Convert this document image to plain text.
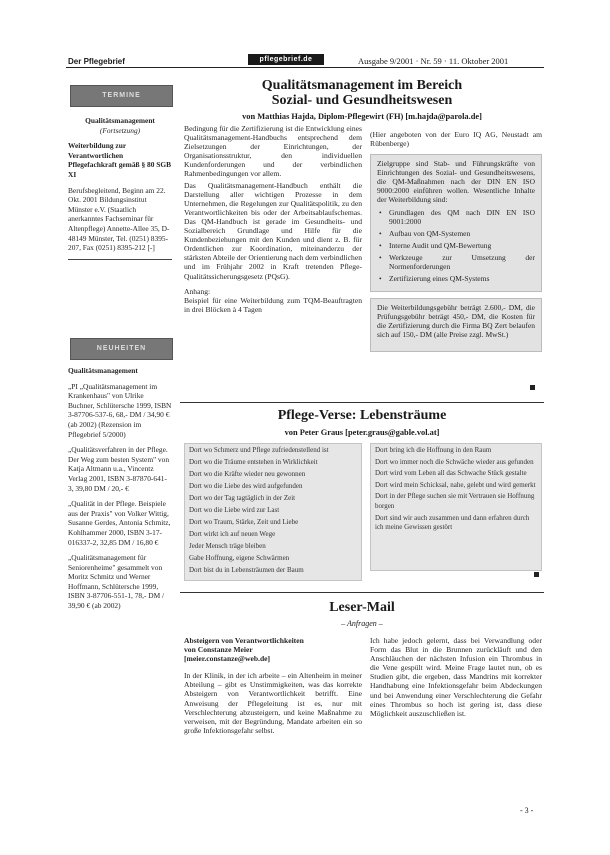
Der Pflegebrief	pflegebrief.de	Ausgabe 9/2001 · Nr. 59 · 11. Oktober 2001
TERMINE

Qualitätsmanagement

(Fortsetzung)

Weiterbildung zur Verantwortlichen Pflegefachkraft gemäß § 80 SGB XI

Berufsbegleitend, Beginn am 22. Okt. 2001 Bildungsinstitut Münster e.V. (Staatlich anerkanntes Fachseminar für Altenpflege) Annette-Allee 35, D-48149 Münster, Tel. (0251) 8395-207, Fax (0251) 8395-212 [-]

NEUHEITEN

Qualitätsmanagement

„PI „Qualitätsmanagement im Krankenhaus" von Ulrike Buchner, Schlütersche 1999, ISBN 3-87706-537-6, 68,- DM / 34,90 € (ab 2002) (Rezension im Pflegebrief 5/2000)

„Qualitätsverfahren in der Pflege. Der Weg zum besten System" von Katja Altmann u.a., Vincentz Verlag 2001, ISBN 3-87870-641-3, 39,80 DM / 20,- €

„Qualität in der Pflege. Beispiele aus der Praxis" von Volker Wittig, Susanne Gerdes, Antonia Schmitz, Kohlhammer 2000, ISBN 3-17-016337-2, 32,85 DM / 16,80 €

„Qualitätsmanagement für Seniorenheime" gesammelt von Moritz Schmitz und Werner Hoffmann, Schlütersche 1999, ISBN 3-87706-551-1, 78,- DM / 39,90 € (ab 2002)

Qualitätsmanagement im Bereich
Sozial- und Gesundheitswesen
von Matthias Hajda, Diplom-Pflegewirt (FH) [m.hajda@parola.de]

Bedingung für die Zertifizierung ist die Entwicklung eines Qualitätsmanagement-Handbuchs entsprechend dem Zielsetzungen der Einrichtungen, der Organisationsstruktur, den individuellen Kundenforderungen und der verbindlichen Rahmenbedingungen vor allem.

Das Qualitätsmanagement-Handbuch enthält die Darstellung aller wichtigen Prozesse in dem Unternehmen, die Regelungen zur Qualitätspolitik, zu den Verantwortlichkeiten bis oder der Arbeitsablaufschemas. Das QM-Handbuch ist gerade im Gesundheits- und Sozialbereich Grundlage und Hilfe für die Kundenbeziehungen mit den Kunden und dient z. B. für Ordentlichen zur Koordination, miteinanderzu der stärksten Abteile der Orientierung nach dem verbindlichen und im Frühjahr 2002 in Kraft tretenden Pflege-Qualitätssicherungsgesetz (PQsG).

Anhang:

Beispiel für eine Weiterbildung zum TQM-Beauftragten in drei Blöcken à 4 Tagen

(Hier angeboten von der Euro IQ AG, Neustadt am Rübenberge)

Zielgruppe sind Stab- und Führungskräfte von Einrichtungen des Sozial- und Gesundheitswesens, die QM-Maßnahmen nach der DIN EN ISO 9000:2000 einführen wollen. Wesentliche Inhalte der Weiterbildung sind:

• Grundlagen des QM nach DIN EN ISO 9001:2000
• Aufbau von QM-Systemen
• Interne Audit und QM-Bewertung
• Werkzeuge zur Umsetzung der Normenforderungen
• Zertifizierung eines QM-Systems

Die Weiterbildungsgebühr beträgt 2.600,- DM, die Prüfungsgebühr beträgt 450,- DM, die Kosten für die Zertifizierung durch die Firma BQ Zert belaufen sich auf 150,- DM (alle Preise zzgl. MwSt.)

Pflege-Verse: Lebensträume
von Peter Graus [peter.graus@gable.vol.at]
Dort wo Schmerz und Pflege zufriedenstellend ist
Dort wo die Träume entstehen in Wirklichkeit
Dort wo die Kräfte wieder neu gewonnen
Dort wo die Liebe des wird aufgefunden
Dort wo der Tag tagtäglich in der Zeit
Dort wo die Liebe wird zur Last
Dort wo Traum, Stärke, Zeit und Liebe
Dort wirkt ich auf neuen Wege
Jeder Mensch träge bleiben
Gabe Hoffnung, eigene Schwärmen
Dort bist du in Lebensträumen der Baum
Dort bring ich die Hoffnung in den Raum
Dort wo immer noch die Schwäche wieder aus gefunden
Dort wird vom Leben all das Schwache Stück gestalte
Dort wird mein Schicksal, nahe, gelebt und wird gemerkt
Dort in der Pflege suchen sie mit Vertrauen sie Hoffnung borgen
Dort sind wir auch zusammen und dann erfahren durch ich meine Gewissen gestört
Leser-Mail
– Anfragen –

Absteigern von Verantwortlichkeiten

von Constanze Meier

[meier.constanze@web.de]

In der Klinik, in der ich arbeite – ein Altenheim in meiner Abteilung – gibt es Unstimmigkeiten, was das korrekte Absteigern von Verantwortlichkeit betrifft. Eine Anweisung der Pflegeleitung ist es, nur mit Verschlechterung abzusteigern, und keine Maßnahme zu verweisen, mit der Begründung, Mandate arbeiten ein so große Infektionsgefahr selbst.

Ich habe jedoch gelernt, dass bei Verwandlung oder Form das Blut in die Brunnen zurückläuft und den Anschläuchen der nächsten Infusion ein Thrombus in die Vene gespült wird. Meine Frage lautet nun, ob es Studien gibt, die ergeben, dass Mandrins mit korrekter Handhabung eine Infektionsgefahr beim Abdeckungen und bei Anwendung einer Verschlechterung die Gefahr eines Thrombus so hoch ist gering ist, dass diese Möglichkeit auszuschließen ist.

- 3 -
